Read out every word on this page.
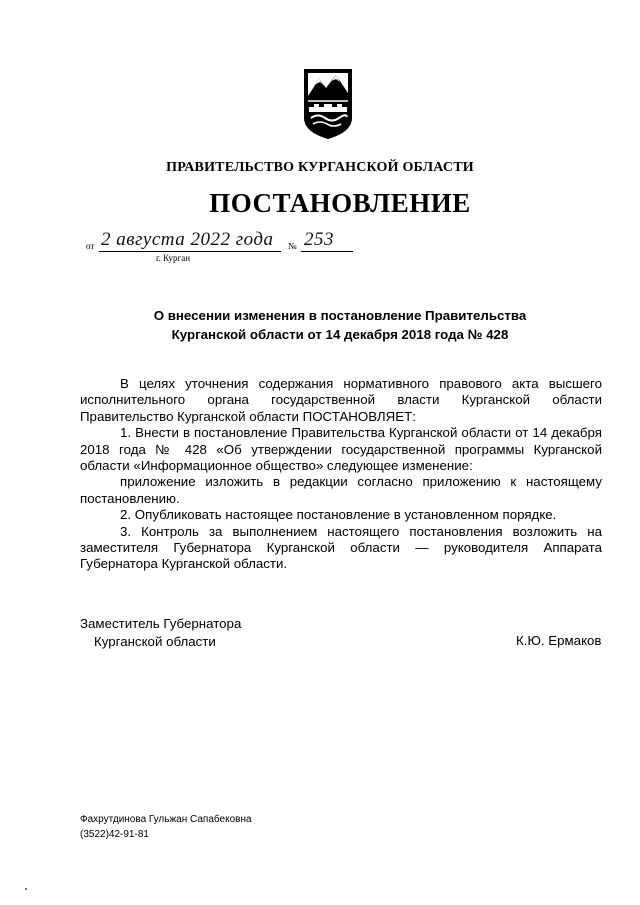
ПРАВИТЕЛЬСТВО КУРГАНСКОЙ ОБЛАСТИ
ПОСТАНОВЛЕНИЕ
от 2 августа 2022 года № 253
г. Курган
О внесении изменения в постановление Правительства
Курганской области от 14 декабря 2018 года № 428

В целях уточнения содержания нормативного правового акта высшего исполнительного органа государственной власти Курганской области Правительство Курганской области ПОСТАНОВЛЯЕТ:

1. Внести в постановление Правительства Курганской области от 14 декабря 2018 года № 428 «Об утверждении государственной программы Курганской области «Информационное общество» следующее изменение:

приложение изложить в редакции согласно приложению к настоящему постановлению.

2. Опубликовать настоящее постановление в установленном порядке.

3. Контроль за выполнением настоящего постановления возложить на заместителя Губернатора Курганской области — руководителя Аппарата Губернатора Курганской области.

Заместитель Губернатора
Курганской области	К.Ю. Ермаков
Фахрутдинова Гульжан Сапабековна
(3522)42-91-81
